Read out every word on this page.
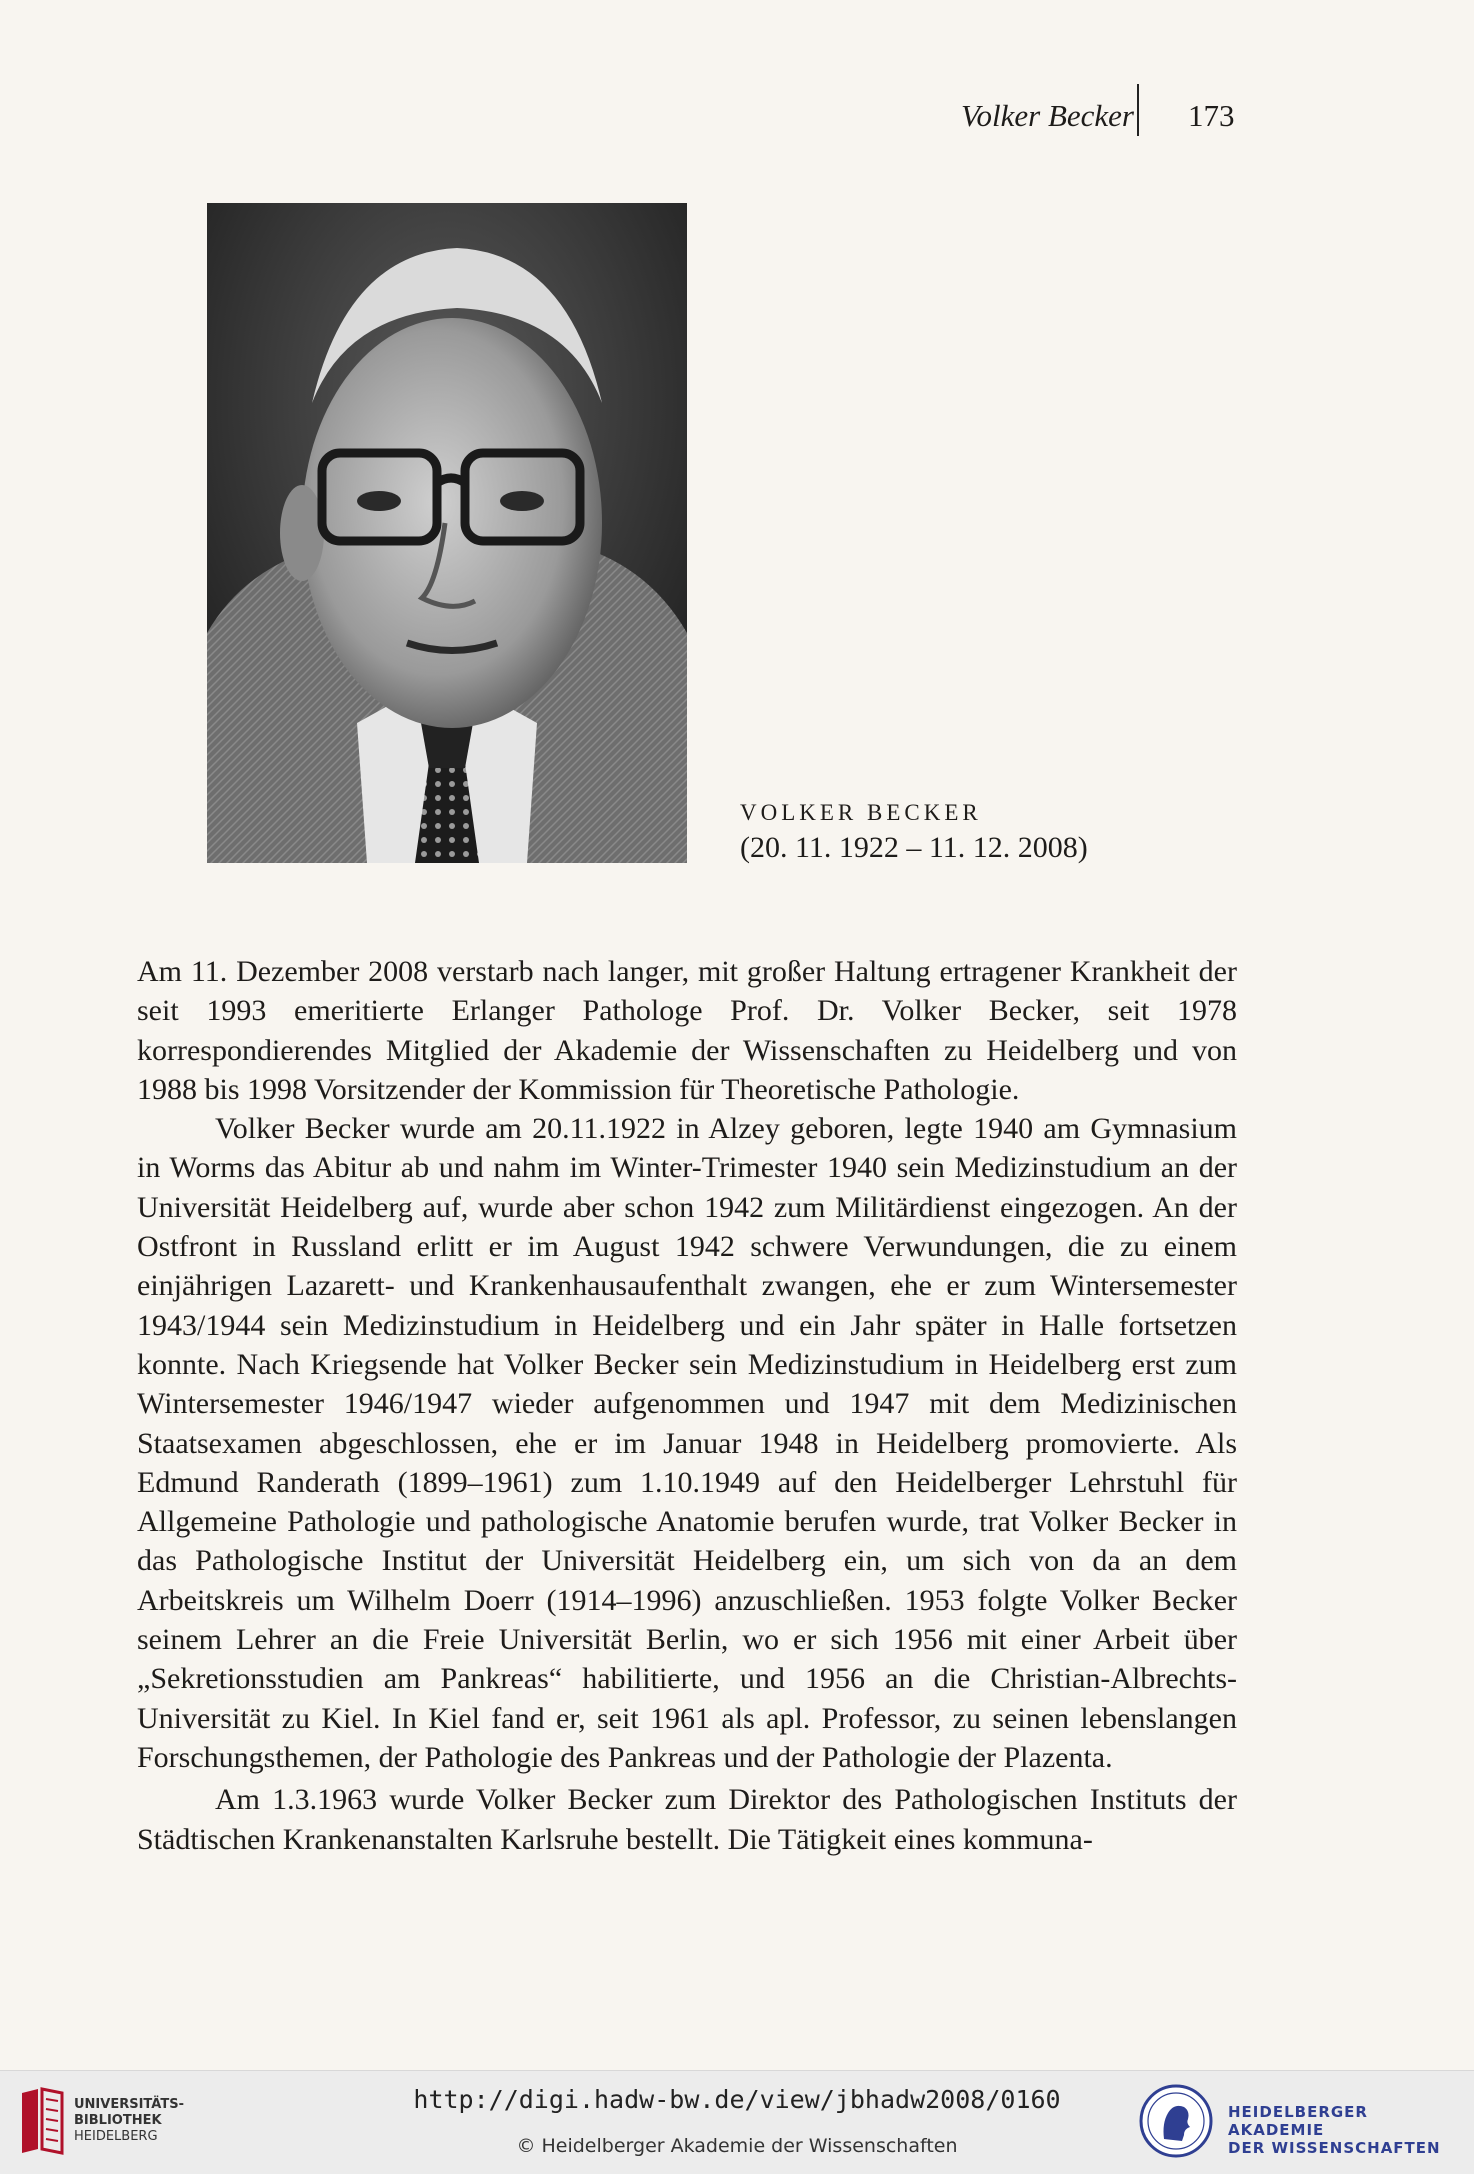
Volker Becker 173
VOLKER BECKER
(20. 11. 1922 – 11. 12. 2008)

Am 11. Dezember 2008 verstarb nach langer, mit großer Haltung ertragener Krankheit der seit 1993 emeritierte Erlanger Pathologe Prof. Dr. Volker Becker, seit 1978 korrespondierendes Mitglied der Akademie der Wissenschaften zu Heidelberg und von 1988 bis 1998 Vorsitzender der Kommission für Theoretische Pathologie.

Volker Becker wurde am 20.11.1922 in Alzey geboren, legte 1940 am Gymnasium in Worms das Abitur ab und nahm im Winter-Trimester 1940 sein Medizinstudium an der Universität Heidelberg auf, wurde aber schon 1942 zum Militärdienst eingezogen. An der Ostfront in Russland erlitt er im August 1942 schwere Verwundungen, die zu einem einjährigen Lazarett- und Krankenhausaufenthalt zwangen, ehe er zum Wintersemester 1943/1944 sein Medizinstudium in Heidelberg und ein Jahr später in Halle fortsetzen konnte. Nach Kriegsende hat Volker Becker sein Medizinstudium in Heidelberg erst zum Wintersemester 1946/1947 wieder aufgenommen und 1947 mit dem Medizinischen Staatsexamen abgeschlossen, ehe er im Januar 1948 in Heidelberg promovierte. Als Edmund Randerath (1899–1961) zum 1.10.1949 auf den Heidelberger Lehrstuhl für Allgemeine Pathologie und pathologische Anatomie berufen wurde, trat Volker Becker in das Pathologische Institut der Universität Heidelberg ein, um sich von da an dem Arbeitskreis um Wilhelm Doerr (1914–1996) anzuschließen. 1953 folgte Volker Becker seinem Lehrer an die Freie Universität Berlin, wo er sich 1956 mit einer Arbeit über „Sekretionsstudien am Pankreas“ habilitierte, und 1956 an die Christian-Albrechts-Universität zu Kiel. In Kiel fand er, seit 1961 als apl. Professor, zu seinen lebenslangen Forschungsthemen, der Pathologie des Pankreas und der Pathologie der Plazenta.

Am 1.3.1963 wurde Volker Becker zum Direktor des Pathologischen Instituts der Städtischen Krankenanstalten Karlsruhe bestellt. Die Tätigkeit eines kommuna-

UNIVERSITÄTS-
BIBLIOTHEK
HEIDELBERG
http://digi.hadw-bw.de/view/jbhadw2008/0160
© Heidelberger Akademie der Wissenschaften
HEIDELBERGER AKADEMIE
DER WISSENSCHAFTEN
